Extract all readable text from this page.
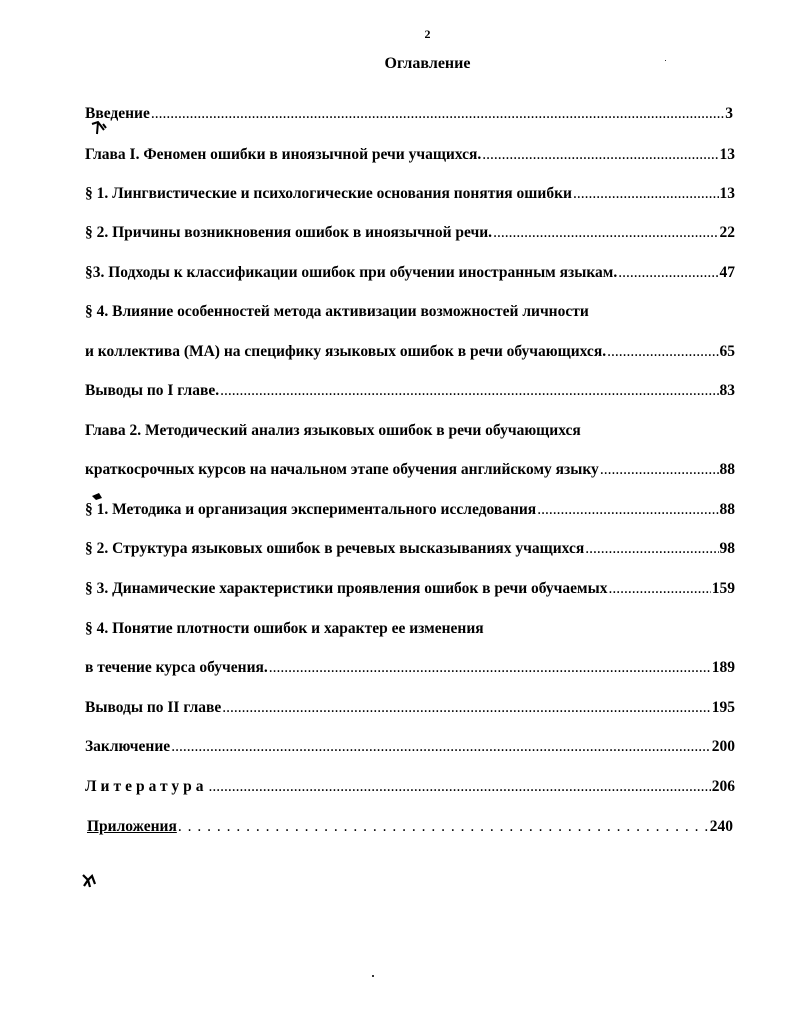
2
Оглавление
Введение .....	3
Глава I. Феномен ошибки в иноязычной речи учащихся. .....	13
§ 1. Лингвистические и психологические основания понятия ошибки .....	13
§ 2. Причины возникновения ошибок в иноязычной речи. .....	22
§3. Подходы к классификации ошибок при обучении иностранным языкам. .....	47
§ 4. Влияние особенностей метода активизации возможностей личности
и коллектива (МА) на специфику языковых ошибок в речи обучающихся. .....	65
Выводы по I главе. .....	83
Глава 2. Методический анализ языковых ошибок в речи обучающихся
краткосрочных курсов на начальном этапе обучения английскому языку .....	88
§ 1. Методика и организация экспериментального исследования .....	88
§ 2. Структура языковых ошибок в речевых высказываниях учащихся .....	98
§ 3. Динамические характеристики проявления ошибок в речи обучаемых .....	159
§ 4. Понятие плотности ошибок и характер ее изменения
в течение курса обучения. .....	189
Выводы по II главе .....	195
Заключение .....	200
Литература .....	206
Приложения . . .	240
